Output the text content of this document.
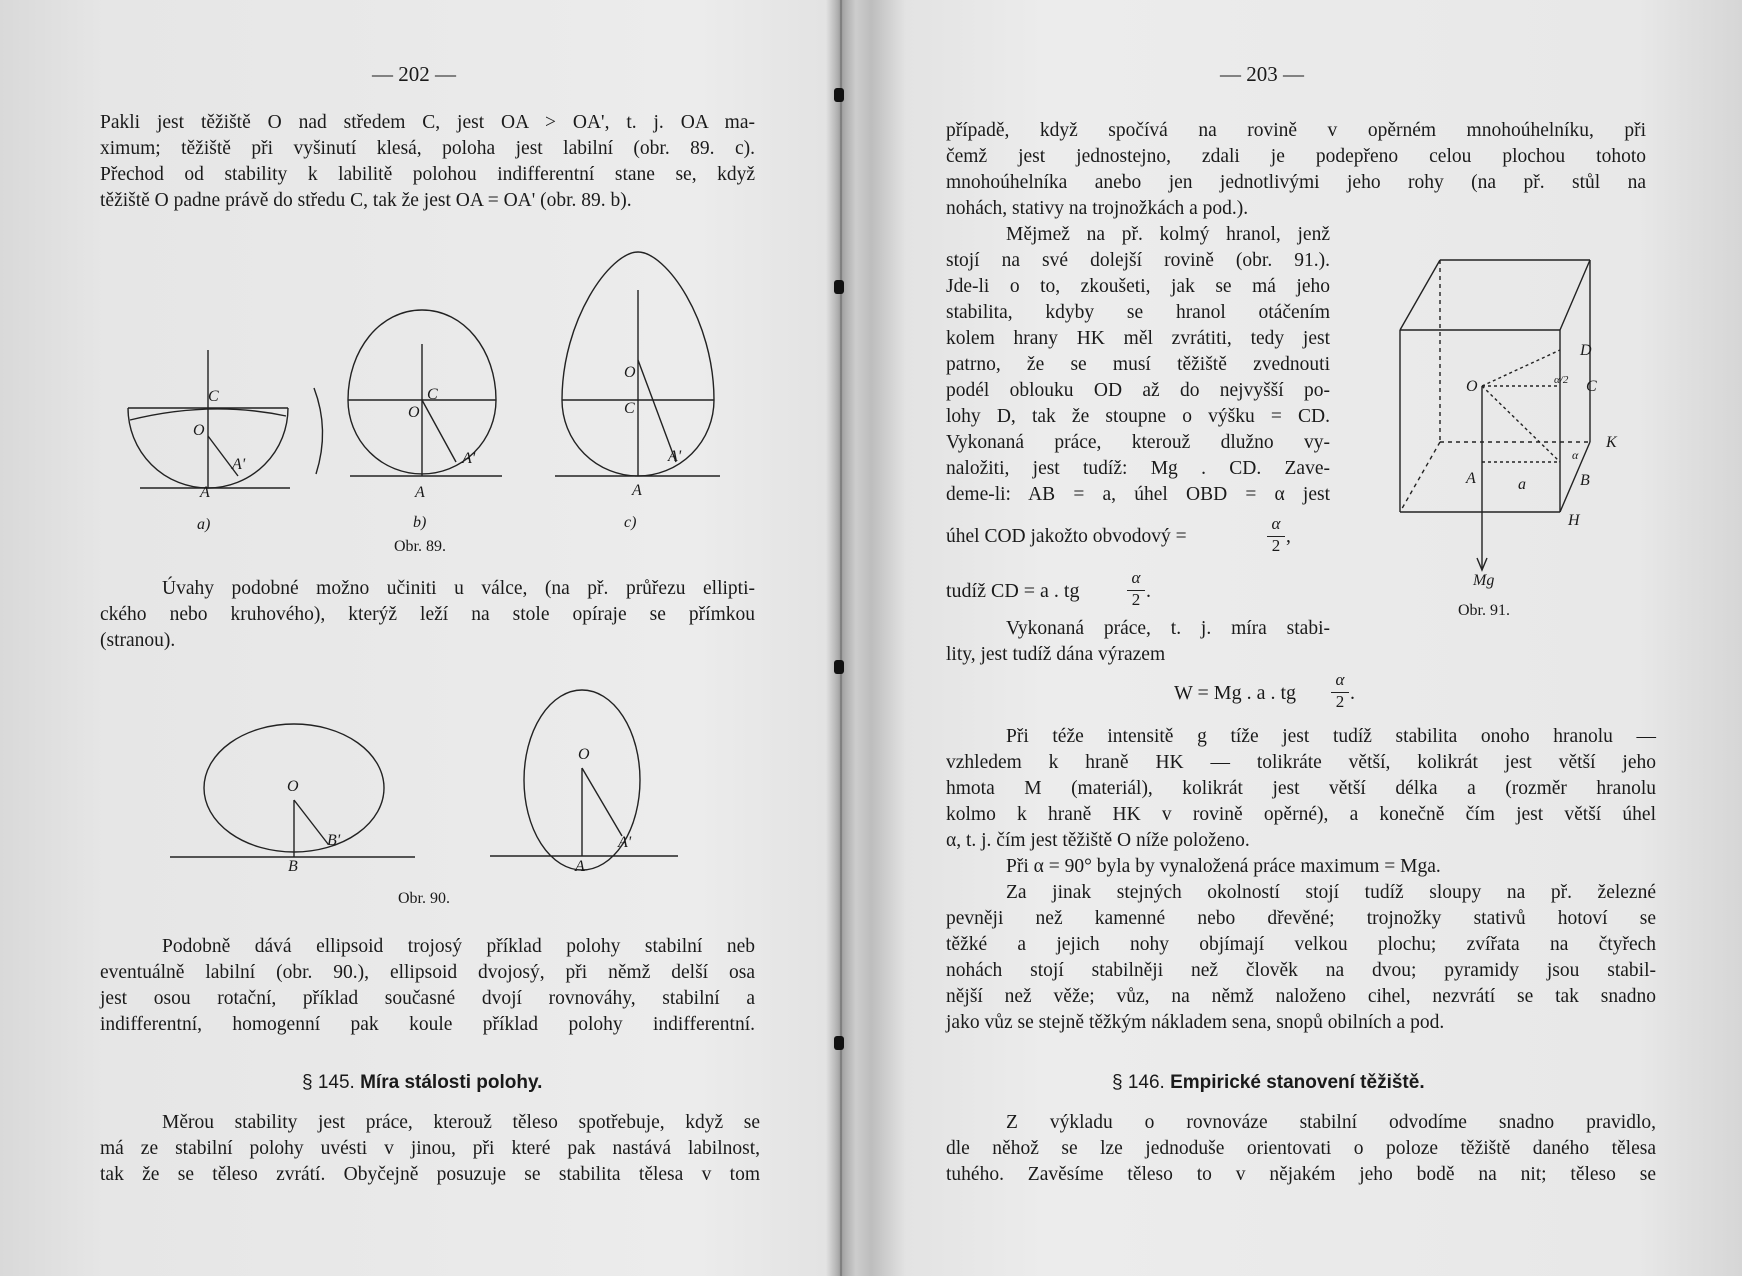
— 202 —
Pakli jest těžiště O nad středem C, jest OA > OA', t. j. OA ma-
ximum; těžiště při vyšinutí klesá, poloha jest labilní (obr. 89. c).
Přechod od stability k labilitě polohou indifferentní stane se, když
těžiště O padne právě do středu C, tak že jest OA = OA' (obr. 89. b).
C
O
A'
A
C
O
A'
A
O
C
A'
A
a)	b)	c)
Obr. 89.
Úvahy podobné možno učiniti u válce, (na př. průřezu ellipti-
ckého nebo kruhového), kterýž leží na stole opíraje se přímkou
(stranou).
O
B'
B
O
A'
A
Obr. 90.
Podobně dává ellipsoid trojosý příklad polohy stabilní neb
eventuálně labilní (obr. 90.), ellipsoid dvojosý, při němž delší osa
jest osou rotační, příklad současné dvojí rovnováhy, stabilní a
indifferentní, homogenní pak koule příklad polohy indifferentní.
§ 145. Míra stálosti polohy.
Měrou stability jest práce, kterouž těleso spotřebuje, když se
má ze stabilní polohy uvésti v jinou, při které pak nastává labilnost,
tak že se těleso zvrátí. Obyčejně posuzuje se stabilita tělesa v tom
— 203 —
případě, když spočívá na rovině v opěrném mnohoúhelníku, při
čemž jest jednostejno, zdali je podepřeno celou plochou tohoto
mnohoúhelníka anebo jen jednotlivými jeho rohy (na př. stůl na
nohách, stativy na trojnožkách a pod.).
Mějmež na př. kolmý hranol, jenž
stojí na své dolejší rovině (obr. 91.).
Jde-li o to, zkoušeti, jak se má jeho
stabilita, kdyby se hranol otáčením
kolem hrany HK měl zvrátiti, tedy jest
patrno, že se musí těžiště zvednouti
podél oblouku OD až do nejvyšší po-
lohy D, tak že stoupne o výšku = CD.
Vykonaná práce, kterouž dlužno vy-
naložiti, jest tudíž: Mg . CD. Zave-
deme-li: AB = a, úhel OBD = α jest
úhel COD jakožto obvodový =
α
2 ,
tudíž CD = a . tg
α
2 .
Vykonaná práce, t. j. míra stabi-
lity, jest tudíž dána výrazem
W = Mg . a . tg
α
2 .
Při téže intensitě g tíže jest tudíž stabilita onoho hranolu —
vzhledem k hraně HK — tolikráte větší, kolikrát jest větší jeho
hmota M (materiál), kolikrát jest větší délka a (rozměr hranolu
kolmo k hraně HK v rovině opěrné), a konečně čím jest větší úhel
α, t. j. čím jest těžiště O níže položeno.
Při α = 90° byla by vynaložená práce maximum = Mga.
Za jinak stejných okolností stojí tudíž sloupy na př. železné
pevněji než kamenné nebo dřevěné; trojnožky stativů hotoví se
těžké a jejich nohy objímají velkou plochu; zvířata na čtyřech
nohách stojí stabilněji než člověk na dvou; pyramidy jsou stabil-
nější než věže; vůz, na němž naloženo cihel, nezvrátí se tak snadno
jako vůz se stejně těžkým nákladem sena, snopů obilních a pod.
§ 146. Empirické stanovení těžiště.
Z výkladu o rovnováze stabilní odvodíme snadno pravidlo,
dle něhož se lze jednoduše orientovati o poloze těžiště daného tělesa
tuhého. Zavěsíme těleso to v nějakém jeho bodě na nit; těleso se
O
D
α/2 C
α
K
A	a	B
H
Mg
Obr. 91.
